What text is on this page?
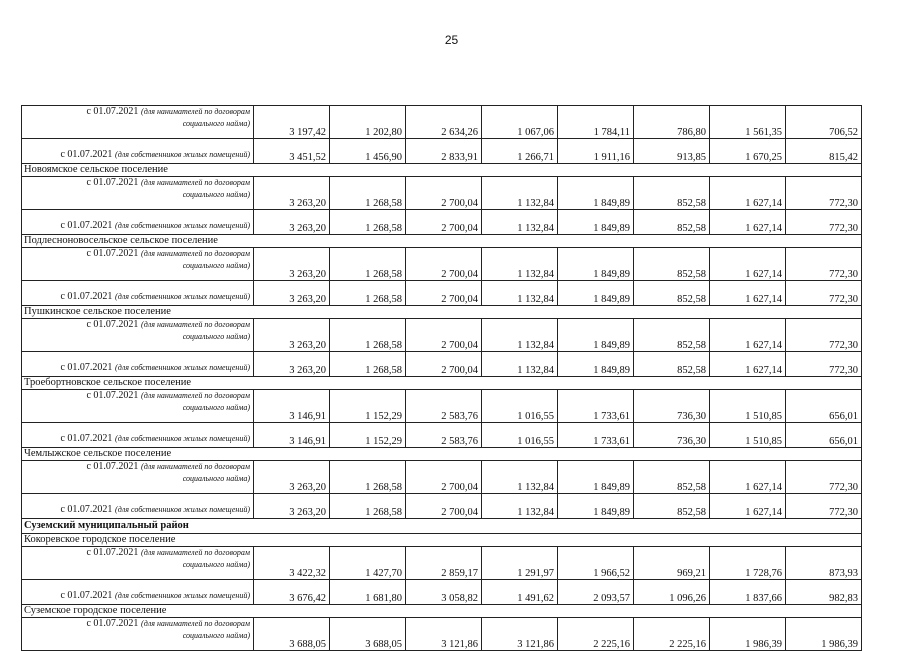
25
с 01.07.2021 (для нанимателей по договорам
социального найма)	3 197,42	1 202,80	2 634,26	1 067,06	1 784,11	786,80	1 561,35	706,52
с 01.07.2021 (для собственников жилых помещений)	3 451,52	1 456,90	2 833,91	1 266,71	1 911,16	913,85	1 670,25	815,42
Новоямское сельское поселение								
с 01.07.2021 (для нанимателей по договорам
социального найма)	3 263,20	1 268,58	2 700,04	1 132,84	1 849,89	852,58	1 627,14	772,30
с 01.07.2021 (для собственников жилых помещений)	3 263,20	1 268,58	2 700,04	1 132,84	1 849,89	852,58	1 627,14	772,30
Подлесноновосельское сельское поселение								
с 01.07.2021 (для нанимателей по договорам
социального найма)	3 263,20	1 268,58	2 700,04	1 132,84	1 849,89	852,58	1 627,14	772,30
с 01.07.2021 (для собственников жилых помещений)	3 263,20	1 268,58	2 700,04	1 132,84	1 849,89	852,58	1 627,14	772,30
Пушкинское сельское поселение								
с 01.07.2021 (для нанимателей по договорам
социального найма)	3 263,20	1 268,58	2 700,04	1 132,84	1 849,89	852,58	1 627,14	772,30
с 01.07.2021 (для собственников жилых помещений)	3 263,20	1 268,58	2 700,04	1 132,84	1 849,89	852,58	1 627,14	772,30
Троебортновское сельское поселение								
с 01.07.2021 (для нанимателей по договорам
социального найма)	3 146,91	1 152,29	2 583,76	1 016,55	1 733,61	736,30	1 510,85	656,01
с 01.07.2021 (для собственников жилых помещений)	3 146,91	1 152,29	2 583,76	1 016,55	1 733,61	736,30	1 510,85	656,01
Чемлыжское сельское поселение								
с 01.07.2021 (для нанимателей по договорам
социального найма)	3 263,20	1 268,58	2 700,04	1 132,84	1 849,89	852,58	1 627,14	772,30
с 01.07.2021 (для собственников жилых помещений)	3 263,20	1 268,58	2 700,04	1 132,84	1 849,89	852,58	1 627,14	772,30
Суземский муниципальный район								
Кокоревское городское поселение								
с 01.07.2021 (для нанимателей по договорам
социального найма)	3 422,32	1 427,70	2 859,17	1 291,97	1 966,52	969,21	1 728,76	873,93
с 01.07.2021 (для собственников жилых помещений)	3 676,42	1 681,80	3 058,82	1 491,62	2 093,57	1 096,26	1 837,66	982,83
Суземское городское поселение								
с 01.07.2021 (для нанимателей по договорам
социального найма)	3 688,05	3 688,05	3 121,86	3 121,86	2 225,16	2 225,16	1 986,39	1 986,39
